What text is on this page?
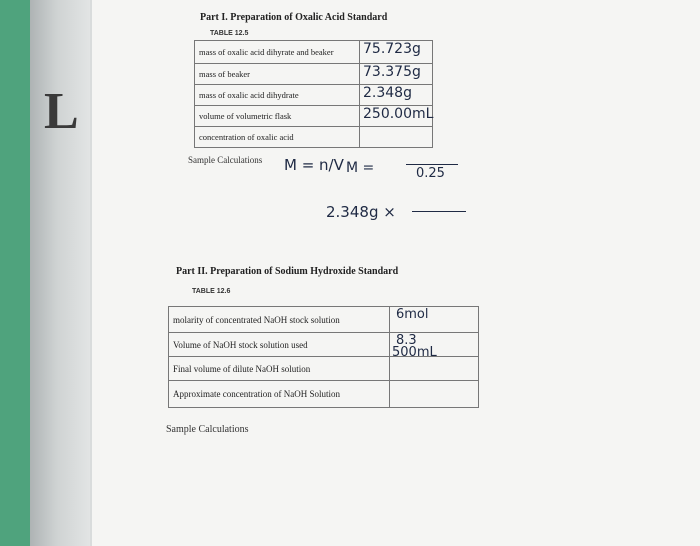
L
Part I. Preparation of Oxalic Acid Standard
TABLE 12.5
mass of oxalic acid dihyrate and beaker	75.723g

mass of beaker	73.375g

mass of oxalic acid dihydrate	2.348g

volume of volumetric flask	250.00mL

concentration of oxalic acid	
Sample Calculations M = n/V M =	0.25
2.348g ×
Part II. Preparation of Sodium Hydroxide Standard
TABLE 12.6
molarity of concentrated NaOH stock solution	6mol

Volume of NaOH stock solution used	8.3

Final volume of dilute NaOH solution	500mL

Approximate concentration of NaOH Solution	
Sample Calculations
